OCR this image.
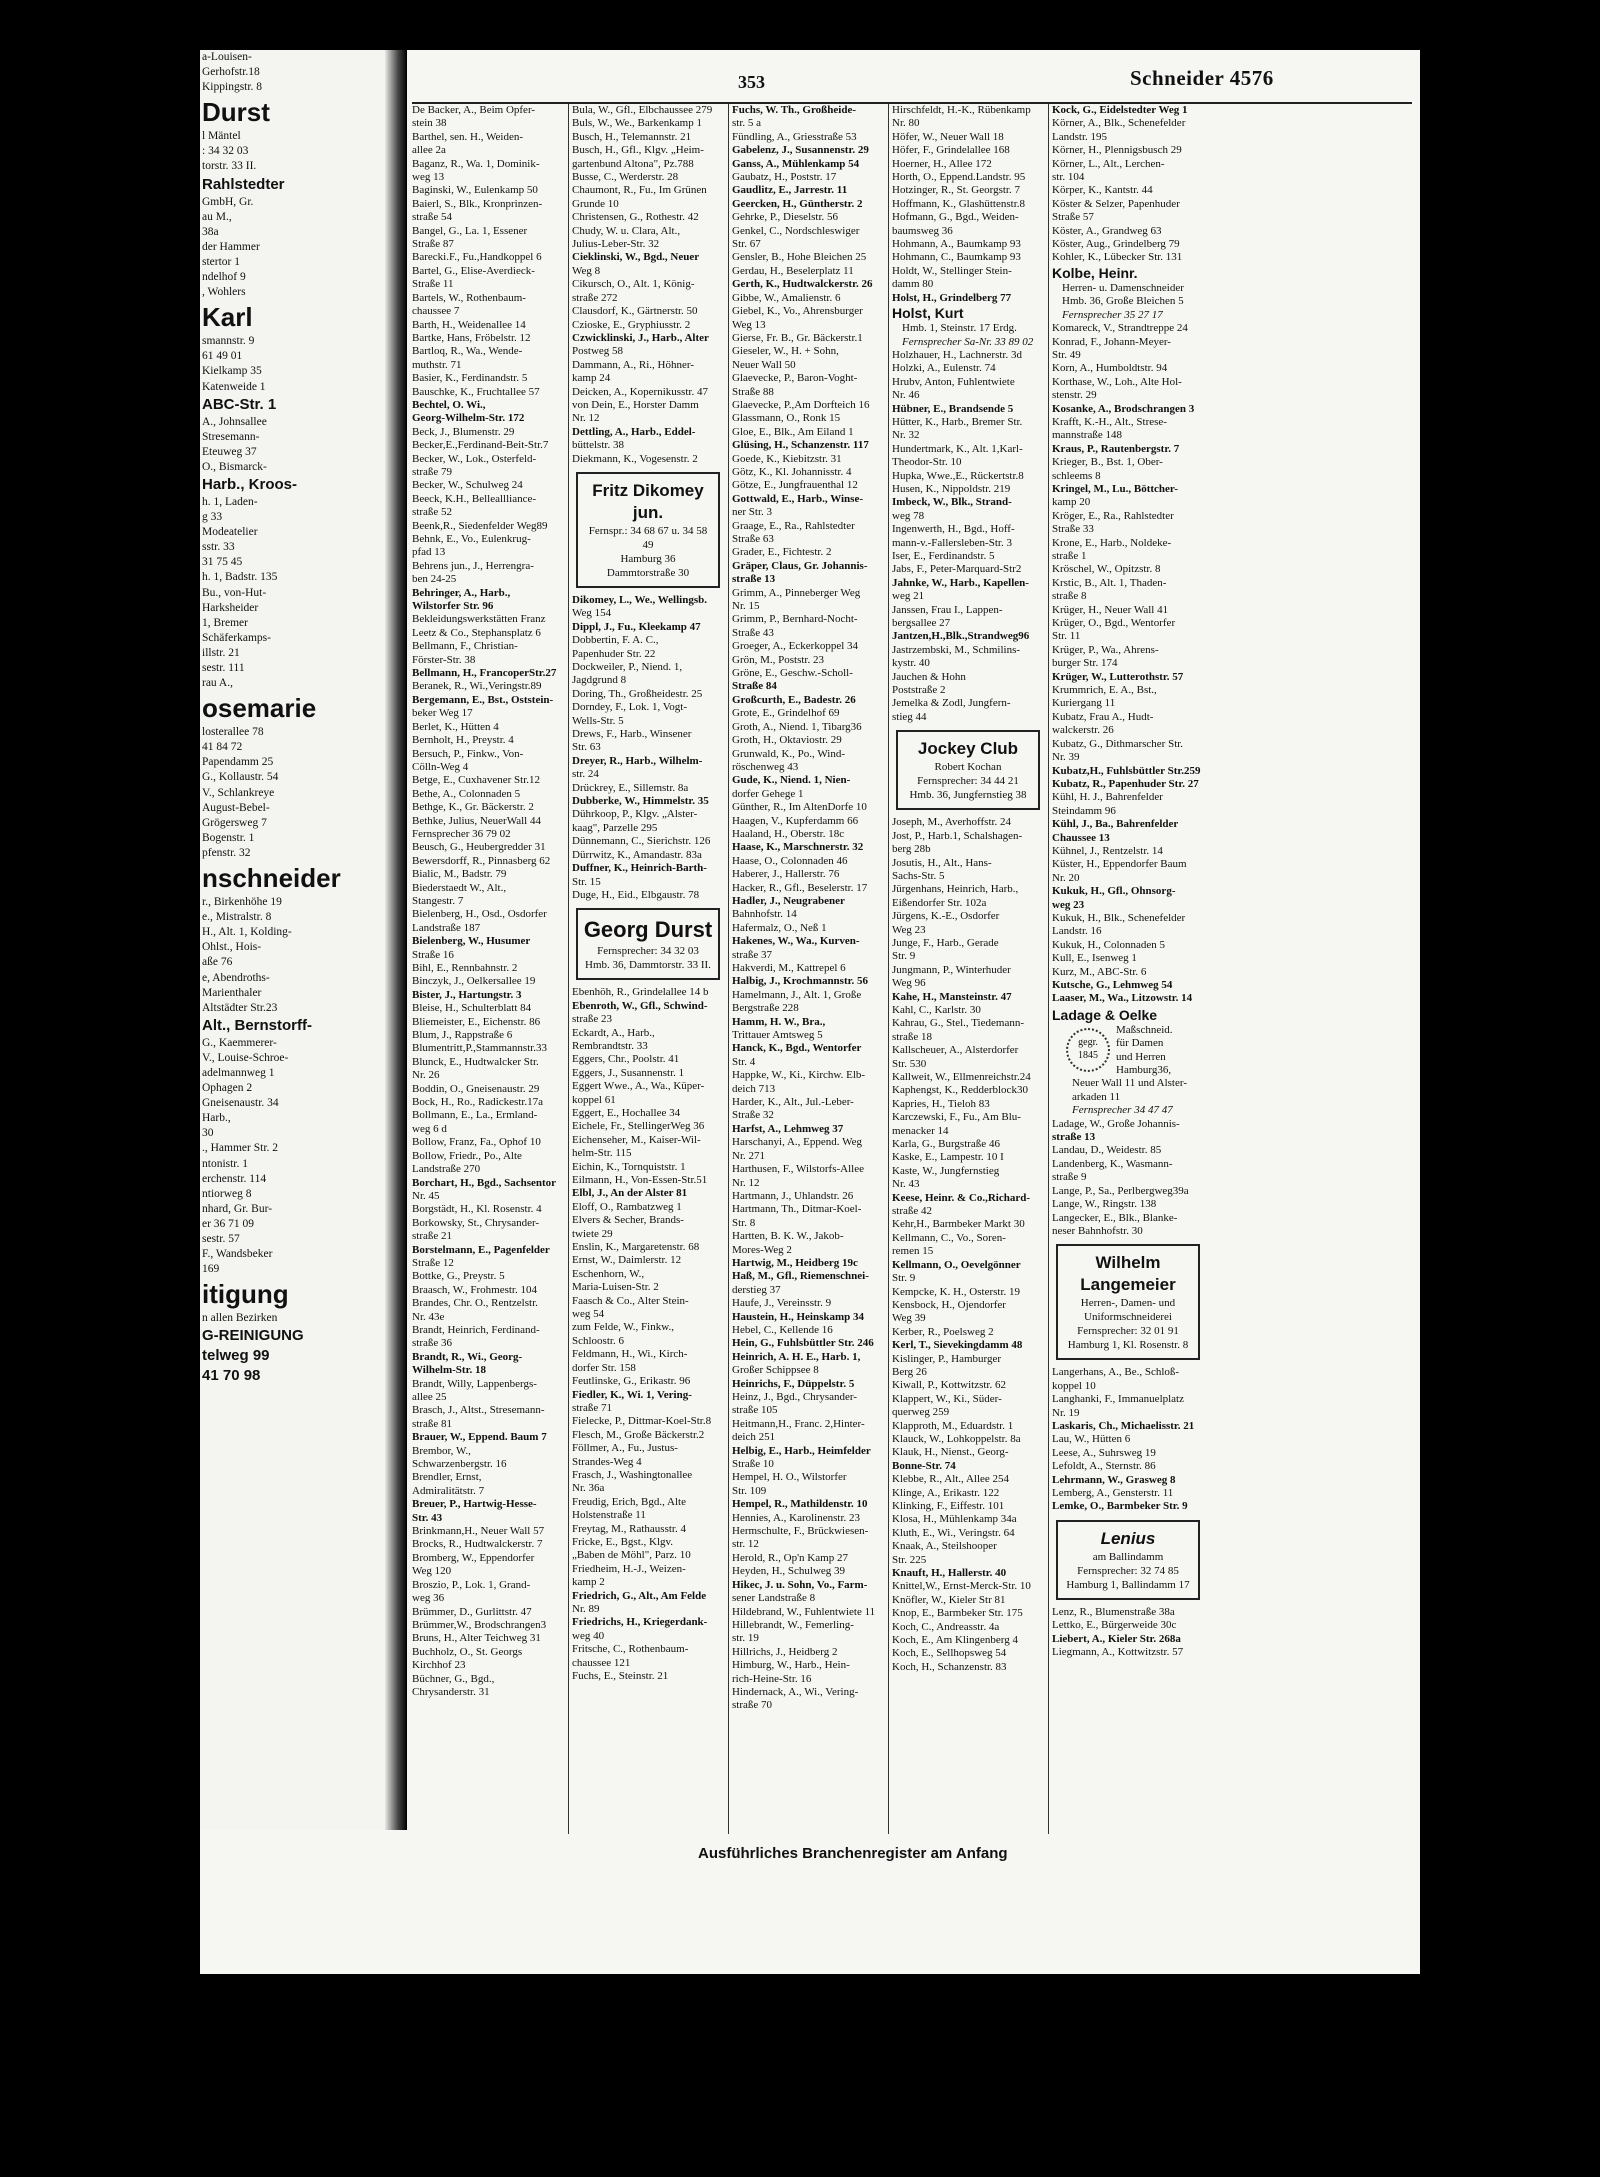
a-Louisen-
Gerhofstr.18
Kippingstr. 8
Durst
l Mäntel
: 34 32 03
torstr. 33 II.
Rahlstedter
GmbH, Gr.
au M.,
38a
der Hammer
stertor 1
ndelhof 9
, Wohlers
Karl
smannstr. 9
61 49 01
Kielkamp 35
Katenweide 1
ABC-Str. 1
A., Johnsallee
Stresemann-
Eteuweg 37
O., Bismarck-
Harb., Kroos-
h. 1, Laden-
g 33
Modeatelier
sstr. 33
31 75 45
h. 1, Badstr. 135
Bu., von-Hut-
Harksheider
1, Bremer
Schäferkamps-
illstr. 21
sestr. 111
rau A.,
osemarie
losterallee 78
41 84 72
Papendamm 25
G., Kollaustr. 54
V., Schlankreye
August-Bebel-
Grögersweg 7
Bogenstr. 1
pfenstr. 32
nschneider
r., Birkenhöhe 19
e., Mistralstr. 8
H., Alt. 1, Kolding-
Ohlst., Hois-
aße 76
e, Abendroths-
Marienthaler
Altstädter Str.23
Alt., Bernstorff-
G., Kaemmerer-
V., Louise-Schroe-
adelmannweg 1
Ophagen 2
Gneisenaustr. 34
Harb.,
30
., Hammer Str. 2
ntonistr. 1
erchenstr. 114
ntiorweg 8
nhard, Gr. Bur-
er 36 71 09
sestr. 57
F., Wandsbeker
169
itigung
n allen Bezirken
G-REINIGUNG
telweg 99
41 70 98
353	Schneider 4576
De Backer, A., Beim Opfer-
stein 38
Barthel, sen. H., Weiden-
allee 2a
Baganz, R., Wa. 1, Dominik-
weg 13
Baginski, W., Eulenkamp 50
Baierl, S., Blk., Kronprinzen-
straße 54
Bangel, G., La. 1, Essener
Straße 87
Barecki.F., Fu.,Handkoppel 6
Bartel, G., Elise-Averdieck-
Straße 11
Bartels, W., Rothenbaum-
chaussee 7
Barth, H., Weidenallee 14
Bartke, Hans, Fröbelstr. 12
Bartloq, R., Wa., Wende-
muthstr. 71
Basier, K., Ferdinandstr. 5
Bauschke, K., Fruchtallee 57
Bechtel, O. Wi.,
Georg-Wilhelm-Str. 172
Beck, J., Blumenstr. 29
Becker,E.,Ferdinand-Beit-Str.7
Becker, W., Lok., Osterfeld-
straße 79
Becker, W., Schulweg 24
Beeck, K.H., Belleallliance-
straße 52
Beenk,R., Siedenfelder Weg89
Behnk, E., Vo., Eulenkrug-
pfad 13
Behrens jun., J., Herrengra-
ben 24-25
Behringer, A., Harb.,
Wilstorfer Str. 96
Bekleidungswerkstätten Franz
Leetz & Co., Stephansplatz 6
Bellmann, F., Christian-
Förster-Str. 38
Bellmann, H., FrancoperStr.27
Beranek, R., Wi.,Veringstr.89
Bergemann, E., Bst., Oststein-
beker Weg 17
Berlet, K., Hütten 4
Bernholt, H., Preystr. 4
Bersuch, P., Finkw., Von-
Cölln-Weg 4
Betge, E., Cuxhavener Str.12
Bethe, A., Colonnaden 5
Bethge, K., Gr. Bäckerstr. 2
Bethke, Julius, NeuerWall 44
Fernsprecher 36 79 02
Beusch, G., Heubergredder 31
Bewersdorff, R., Pinnasberg 62
Bialic, M., Badstr. 79
Biederstaedt W., Alt.,
Stangestr. 7
Bielenberg, H., Osd., Osdorfer
Landstraße 187
Bielenberg, W., Husumer
Straße 16
Bihl, E., Rennbahnstr. 2
Binczyk, J., Oelkersallee 19
Bister, J., Hartungstr. 3
Bleise, H., Schulterblatt 84
Bliemeister, E., Eichenstr. 86
Blum, J., Rappstraße 6
Blumentritt,P.,Stammannstr.33
Blunck, E., Hudtwalcker Str.
Nr. 26
Boddin, O., Gneisenaustr. 29
Bock, H., Ro., Radickestr.17a
Bollmann, E., La., Ermland-
weg 6 d
Bollow, Franz, Fa., Ophof 10
Bollow, Friedr., Po., Alte
Landstraße 270
Borchart, H., Bgd., Sachsentor
Nr. 45
Borgstädt, H., Kl. Rosenstr. 4
Borkowsky, St., Chrysander-
straße 21
Borstelmann, E., Pagenfelder
Straße 12
Bottke, G., Preystr. 5
Braasch, W., Frohmestr. 104
Brandes, Chr. O., Rentzelstr.
Nr. 43e
Brandt, Heinrich, Ferdinand-
straße 36
Brandt, R., Wi., Georg-
Wilhelm-Str. 18
Brandt, Willy, Lappenbergs-
allee 25
Brasch, J., Altst., Stresemann-
straße 81
Brauer, W., Eppend. Baum 7
Brembor, W.,
Schwarzenbergstr. 16
Brendler, Ernst,
Admiralitätstr. 7
Breuer, P., Hartwig-Hesse-
Str. 43
Brinkmann,H., Neuer Wall 57
Brocks, R., Hudtwalckerstr. 7
Bromberg, W., Eppendorfer
Weg 120
Broszio, P., Lok. 1, Grand-
weg 36
Brümmer, D., Gurlittstr. 47
Brümmer,W., Brodschrangen3
Bruns, H., Alter Teichweg 31
Buchholz, O., St. Georgs
Kirchhof 23
Büchner, G., Bgd.,
Chrysanderstr. 31
Bula, W., Gfl., Elbchaussee 279
Buls, W., We., Barkenkamp 1
Busch, H., Telemannstr. 21
Busch, H., Gfl., Klgv. „Heim-
gartenbund Altona", Pz.788
Busse, C., Werderstr. 28
Chaumont, R., Fu., Im Grünen
Grunde 10
Christensen, G., Rothestr. 42
Chudy, W. u. Clara, Alt.,
Julius-Leber-Str. 32
Cieklinski, W., Bgd., Neuer
Weg 8
Cikursch, O., Alt. 1, König-
straße 272
Clausdorf, K., Gärtnerstr. 50
Czioske, E., Gryphiusstr. 2
Czwicklinski, J., Harb., Alter
Postweg 58
Dammann, A., Ri., Höhner-
kamp 24
Deicken, A., Kopernikusstr. 47
von Dein, E., Horster Damm
Nr. 12
Dettling, A., Harb., Eddel-
büttelstr. 38
Diekmann, K., Vogesenstr. 2
Fritz Dikomey jun.
Fernspr.: 34 68 67 u. 34 58 49
Hamburg 36
Dammtorstraße 30
Dikomey, L., We., Wellingsb.
Weg 154
Dippl, J., Fu., Kleekamp 47
Dobbertin, F. A. C.,
Papenhuder Str. 22
Dockweiler, P., Niend. 1,
Jagdgrund 8
Doring, Th., Großheidestr. 25
Dorndey, F., Lok. 1, Vogt-
Wells-Str. 5
Drews, F., Harb., Winsener
Str. 63
Dreyer, R., Harb., Wilhelm-
str. 24
Drückrey, E., Sillemstr. 8a
Dubberke, W., Himmelstr. 35
Dührkoop, P., Klgv. „Alster-
kaag", Parzelle 295
Dünnemann, C., Sierichstr. 126
Dürrwitz, K., Amandastr. 83a
Duffner, K., Heinrich-Barth-
Str. 15
Duge, H., Eid., Elbgaustr. 78
Georg Durst
Fernsprecher: 34 32 03
Hmb. 36, Dammtorstr. 33 II.
Ebenhöh, R., Grindelallee 14 b
Ebenroth, W., Gfl., Schwind-
straße 23
Eckardt, A., Harb.,
Rembrandtstr. 33
Eggers, Chr., Poolstr. 41
Eggers, J., Susannenstr. 1
Eggert Wwe., A., Wa., Küper-
koppel 61
Eggert, E., Hochallee 34
Eichele, Fr., StellingerWeg 36
Eichenseher, M., Kaiser-Wil-
helm-Str. 115
Eichin, K., Tornquiststr. 1
Eilmann, H., Von-Essen-Str.51
Elbl, J., An der Alster 81
Eloff, O., Rambatzweg 1
Elvers & Secher, Brands-
twiete 29
Enslin, K., Margaretenstr. 68
Ernst, W., Daimlerstr. 12
Eschenhorn, W.,
Maria-Luisen-Str. 2
Faasch & Co., Alter Stein-
weg 54
zum Felde, W., Finkw.,
Schloostr. 6
Feldmann, H., Wi., Kirch-
dorfer Str. 158
Feutlinske, G., Erikastr. 96
Fiedler, K., Wi. 1, Vering-
straße 71
Fielecke, P., Dittmar-Koel-Str.8
Flesch, M., Große Bäckerstr.2
Föllmer, A., Fu., Justus-
Strandes-Weg 4
Frasch, J., Washingtonallee
Nr. 36a
Freudig, Erich, Bgd., Alte
Holstenstraße 11
Freytag, M., Rathausstr. 4
Fricke, E., Bgst., Klgv.
„Baben de Möhl", Parz. 10
Friedheim, H.-J., Weizen-
kamp 2
Friedrich, G., Alt., Am Felde
Nr. 89
Friedrichs, H., Kriegerdank-
weg 40
Fritsche, C., Rothenbaum-
chaussee 121
Fuchs, E., Steinstr. 21
Fuchs, W. Th., Großheide-
str. 5 a
Fündling, A., Griesstraße 53
Gabelenz, J., Susannenstr. 29
Ganss, A., Mühlenkamp 54
Gaubatz, H., Poststr. 17
Gaudlitz, E., Jarrestr. 11
Geercken, H., Güntherstr. 2
Gehrke, P., Dieselstr. 56
Genkel, C., Nordschleswiger
Str. 67
Gensler, B., Hohe Bleichen 25
Gerdau, H., Beselerplatz 11
Gerth, K., Hudtwalckerstr. 26
Gibbe, W., Amalienstr. 6
Giebel, K., Vo., Ahrensburger
Weg 13
Gierse, Fr. B., Gr. Bäckerstr.1
Gieseler, W., H. + Sohn,
Neuer Wall 50
Glaevecke, P., Baron-Voght-
Straße 88
Glaevecke, P.,Am Dorfteich 16
Glassmann, O., Ronk 15
Gloe, E., Blk., Am Eiland 1
Glüsing, H., Schanzenstr. 117
Goede, K., Kiebitzstr. 31
Götz, K., Kl. Johannisstr. 4
Götze, E., Jungfrauenthal 12
Gottwald, E., Harb., Winse-
ner Str. 3
Graage, E., Ra., Rahlstedter
Straße 63
Grader, E., Fichtestr. 2
Gräper, Claus, Gr. Johannis-
straße 13
Grimm, A., Pinneberger Weg
Nr. 15
Grimm, P., Bernhard-Nocht-
Straße 43
Groeger, A., Eckerkoppel 34
Grön, M., Poststr. 23
Gröne, E., Geschw.-Scholl-
Straße 84
Großcurth, E., Badestr. 26
Grote, E., Grindelhof 69
Groth, A., Niend. 1, Tibarg36
Groth, H., Oktaviostr. 29
Grunwald, K., Po., Wind-
röschenweg 43
Gude, K., Niend. 1, Nien-
dorfer Gehege 1
Günther, R., Im AltenDorfe 10
Haagen, V., Kupferdamm 66
Haaland, H., Oberstr. 18c
Haase, K., Marschnerstr. 32
Haase, O., Colonnaden 46
Haberer, J., Hallerstr. 76
Hacker, R., Gfl., Beselerstr. 17
Hadler, J., Neugrabener
Bahnhofstr. 14
Hafermalz, O., Neß 1
Hakenes, W., Wa., Kurven-
straße 37
Hakverdi, M., Kattrepel 6
Halbig, J., Krochmannstr. 56
Hamelmann, J., Alt. 1, Große
Bergstraße 228
Hamm, H. W., Bra.,
Trittauer Amtsweg 5
Hanck, K., Bgd., Wentorfer
Str. 4
Happke, W., Ki., Kirchw. Elb-
deich 713
Harder, K., Alt., Jul.-Leber-
Straße 32
Harfst, A., Lehmweg 37
Harschanyi, A., Eppend. Weg
Nr. 271
Harthusen, F., Wilstorfs-Allee
Nr. 12
Hartmann, J., Uhlandstr. 26
Hartmann, Th., Ditmar-Koel-
Str. 8
Hartten, B. K. W., Jakob-
Mores-Weg 2
Hartwig, M., Heidberg 19c
Haß, M., Gfl., Riemenschnei-
derstieg 37
Haufe, J., Vereinsstr. 9
Haustein, H., Heinskamp 34
Hebel, C., Kellende 16
Hein, G., Fuhlsbüttler Str. 246
Heinrich, A. H. E., Harb. 1,
Großer Schippsee 8
Heinrichs, F., Düppelstr. 5
Heinz, J., Bgd., Chrysander-
straße 105
Heitmann,H., Franc. 2,Hinter-
deich 251
Helbig, E., Harb., Heimfelder
Straße 10
Hempel, H. O., Wilstorfer
Str. 109
Hempel, R., Mathildenstr. 10
Hennies, A., Karolinenstr. 23
Hermschulte, F., Brückwiesen-
str. 12
Herold, R., Op'n Kamp 27
Heyden, H., Schulweg 39
Hikec, J. u. Sohn, Vo., Farm-
sener Landstraße 8
Hildebrand, W., Fuhlentwiete 11
Hillebrandt, W., Femerling-
str. 19
Hillrichs, J., Heidberg 2
Himburg, W., Harb., Hein-
rich-Heine-Str. 16
Hindernack, A., Wi., Vering-
straße 70
Hirschfeldt, H.-K., Rübenkamp
Nr. 80
Höfer, W., Neuer Wall 18
Höfer, F., Grindelallee 168
Hoerner, H., Allee 172
Horth, O., Eppend.Landstr. 95
Hotzinger, R., St. Georgstr. 7
Hoffmann, K., Glashüttenstr.8
Hofmann, G., Bgd., Weiden-
baumsweg 36
Hohmann, A., Baumkamp 93
Hohmann, C., Baumkamp 93
Holdt, W., Stellinger Stein-
damm 80
Holst, H., Grindelberg 77
Holst, Kurt
Hmb. 1, Steinstr. 17 Erdg.
Fernsprecher Sa-Nr. 33 89 02
Holzhauer, H., Lachnerstr. 3d
Holzki, A., Eulenstr. 74
Hrubv, Anton, Fuhlentwiete
Nr. 46
Hübner, E., Brandsende 5
Hütter, K., Harb., Bremer Str.
Nr. 32
Hundertmark, K., Alt. 1,Karl-
Theodor-Str. 10
Hupka, Wwe.,E., Rückertstr.8
Husen, K., Nippoldstr. 219
Imbeck, W., Blk., Strand-
weg 78
Ingenwerth, H., Bgd., Hoff-
mann-v.-Fallersleben-Str. 3
Iser, E., Ferdinandstr. 5
Jabs, F., Peter-Marquard-Str2
Jahnke, W., Harb., Kapellen-
weg 21
Janssen, Frau I., Lappen-
bergsallee 27
Jantzen,H.,Blk.,Strandweg96
Jastrzembski, M., Schmilins-
kystr. 40
Jauchen & Hohn
Poststraße 2
Jemelka & Zodl, Jungfern-
stieg 44
Jockey Club
Robert Kochan
Fernsprecher: 34 44 21
Hmb. 36, Jungfernstieg 38
Joseph, M., Averhoffstr. 24
Jost, P., Harb.1, Schalshagen-
berg 28b
Josutis, H., Alt., Hans-
Sachs-Str. 5
Jürgenhans, Heinrich, Harb.,
Eißendorfer Str. 102a
Jürgens, K.-E., Osdorfer
Weg 23
Junge, F., Harb., Gerade
Str. 9
Jungmann, P., Winterhuder
Weg 96
Kahe, H., Mansteinstr. 47
Kahl, C., Karlstr. 30
Kahrau, G., Stel., Tiedemann-
straße 18
Kallscheuer, A., Alsterdorfer
Str. 530
Kallweit, W., Ellmenreichstr.24
Kaphengst, K., Redderblock30
Kapries, H., Tieloh 83
Karczewski, F., Fu., Am Blu-
menacker 14
Karla, G., Burgstraße 46
Kaske, E., Lampestr. 10 I
Kaste, W., Jungfernstieg
Nr. 43
Keese, Heinr. & Co.,Richard-
straße 42
Kehr,H., Barmbeker Markt 30
Kellmann, C., Vo., Soren-
remen 15
Kellmann, O., Oevelgönner
Str. 9
Kempcke, K. H., Osterstr. 19
Kensbock, H., Ojendorfer
Weg 39
Kerber, R., Poelsweg 2
Kerl, T., Sievekingdamm 48
Kislinger, P., Hamburger
Berg 26
Kiwall, P., Kottwitzstr. 62
Klappert, W., Ki., Süder-
querweg 259
Klapproth, M., Eduardstr. 1
Klauck, W., Lohkoppelstr. 8a
Klauk, H., Nienst., Georg-
Bonne-Str. 74
Klebbe, R., Alt., Allee 254
Klinge, A., Erikastr. 122
Klinking, F., Eiffestr. 101
Klosa, H., Mühlenkamp 34a
Kluth, E., Wi., Veringstr. 64
Knaak, A., Steilshooper
Str. 225
Knauft, H., Hallerstr. 40
Knittel,W., Ernst-Merck-Str. 10
Knöfler, W., Kieler Str 81
Knop, E., Barmbeker Str. 175
Koch, C., Andreasstr. 4a
Koch, E., Am Klingenberg 4
Koch, E., Sellhopsweg 54
Koch, H., Schanzenstr. 83
Kock, G., Eidelstedter Weg 1
Körner, A., Blk., Schenefelder
Landstr. 195
Körner, H., Plennigsbusch 29
Körner, L., Alt., Lerchen-
str. 104
Körper, K., Kantstr. 44
Köster & Selzer, Papenhuder
Straße 57
Köster, A., Grandweg 63
Köster, Aug., Grindelberg 79
Kohler, K., Lübecker Str. 131
Kolbe, Heinr.
Herren- u. Damenschneider
Hmb. 36, Große Bleichen 5
Fernsprecher 35 27 17
Komareck, V., Strandtreppe 24
Konrad, F., Johann-Meyer-
Str. 49
Korn, A., Humboldtstr. 94
Korthase, W., Loh., Alte Hol-
stenstr. 29
Kosanke, A., Brodschrangen 3
Krafft, K.-H., Alt., Strese-
mannstraße 148
Kraus, P., Rautenbergstr. 7
Krieger, B., Bst. 1, Ober-
schleems 8
Kringel, M., Lu., Böttcher-
kamp 20
Kröger, E., Ra., Rahlstedter
Straße 33
Krone, E., Harb., Noldeke-
straße 1
Kröschel, W., Opitzstr. 8
Krstic, B., Alt. 1, Thaden-
straße 8
Krüger, H., Neuer Wall 41
Krüger, O., Bgd., Wentorfer
Str. 11
Krüger, P., Wa., Ahrens-
burger Str. 174
Krüger, W., Lutterothstr. 57
Krummrich, E. A., Bst.,
Kuriergang 11
Kubatz, Frau A., Hudt-
walckerstr. 26
Kubatz, G., Dithmarscher Str.
Nr. 39
Kubatz,H., Fuhlsbüttler Str.259
Kubatz, R., Papenhuder Str. 27
Kühl, H. J., Bahrenfelder
Steindamm 96
Kühl, J., Ba., Bahrenfelder
Chaussee 13
Kühnel, J., Rentzelstr. 14
Küster, H., Eppendorfer Baum
Nr. 20
Kukuk, H., Gfl., Ohnsorg-
weg 23
Kukuk, H., Blk., Schenefelder
Landstr. 16
Kukuk, H., Colonnaden 5
Kull, E., Isenweg 1
Kurz, M., ABC-Str. 6
Kutsche, G., Lehmweg 54
Laaser, M., Wa., Litzowstr. 14
Ladage & Oelke
gegr. 1845
Maßschneid.
für Damen
und Herren
Hamburg36,
Neuer Wall 11 und Alster-
arkaden 11
Fernsprecher 34 47 47
Ladage, W., Große Johannis-
straße 13
Landau, D., Weidestr. 85
Landenberg, K., Wasmann-
straße 9
Lange, P., Sa., Perlbergweg39a
Lange, W., Ringstr. 138
Langecker, E., Blk., Blanke-
neser Bahnhofstr. 30
Wilhelm Langemeier
Herren-, Damen- und
Uniformschneiderei
Fernsprecher: 32 01 91
Hamburg 1, Kl. Rosenstr. 8
Langerhans, A., Be., Schloß-
koppel 10
Langhanki, F., Immanuelplatz
Nr. 19
Laskaris, Ch., Michaelisstr. 21
Lau, W., Hütten 6
Leese, A., Suhrsweg 19
Lefoldt, A., Sternstr. 86
Lehrmann, W., Grasweg 8
Lemberg, A., Gensterstr. 11
Lemke, O., Barmbeker Str. 9
Lenius
am Ballindamm
Fernsprecher: 32 74 85
Hamburg 1, Ballindamm 17
Lenz, R., Blumenstraße 38a
Lettko, E., Bürgerweide 30c
Liebert, A., Kieler Str. 268a
Liegmann, A., Kottwitzstr. 57
Ausführliches Branchenregister am Anfang
